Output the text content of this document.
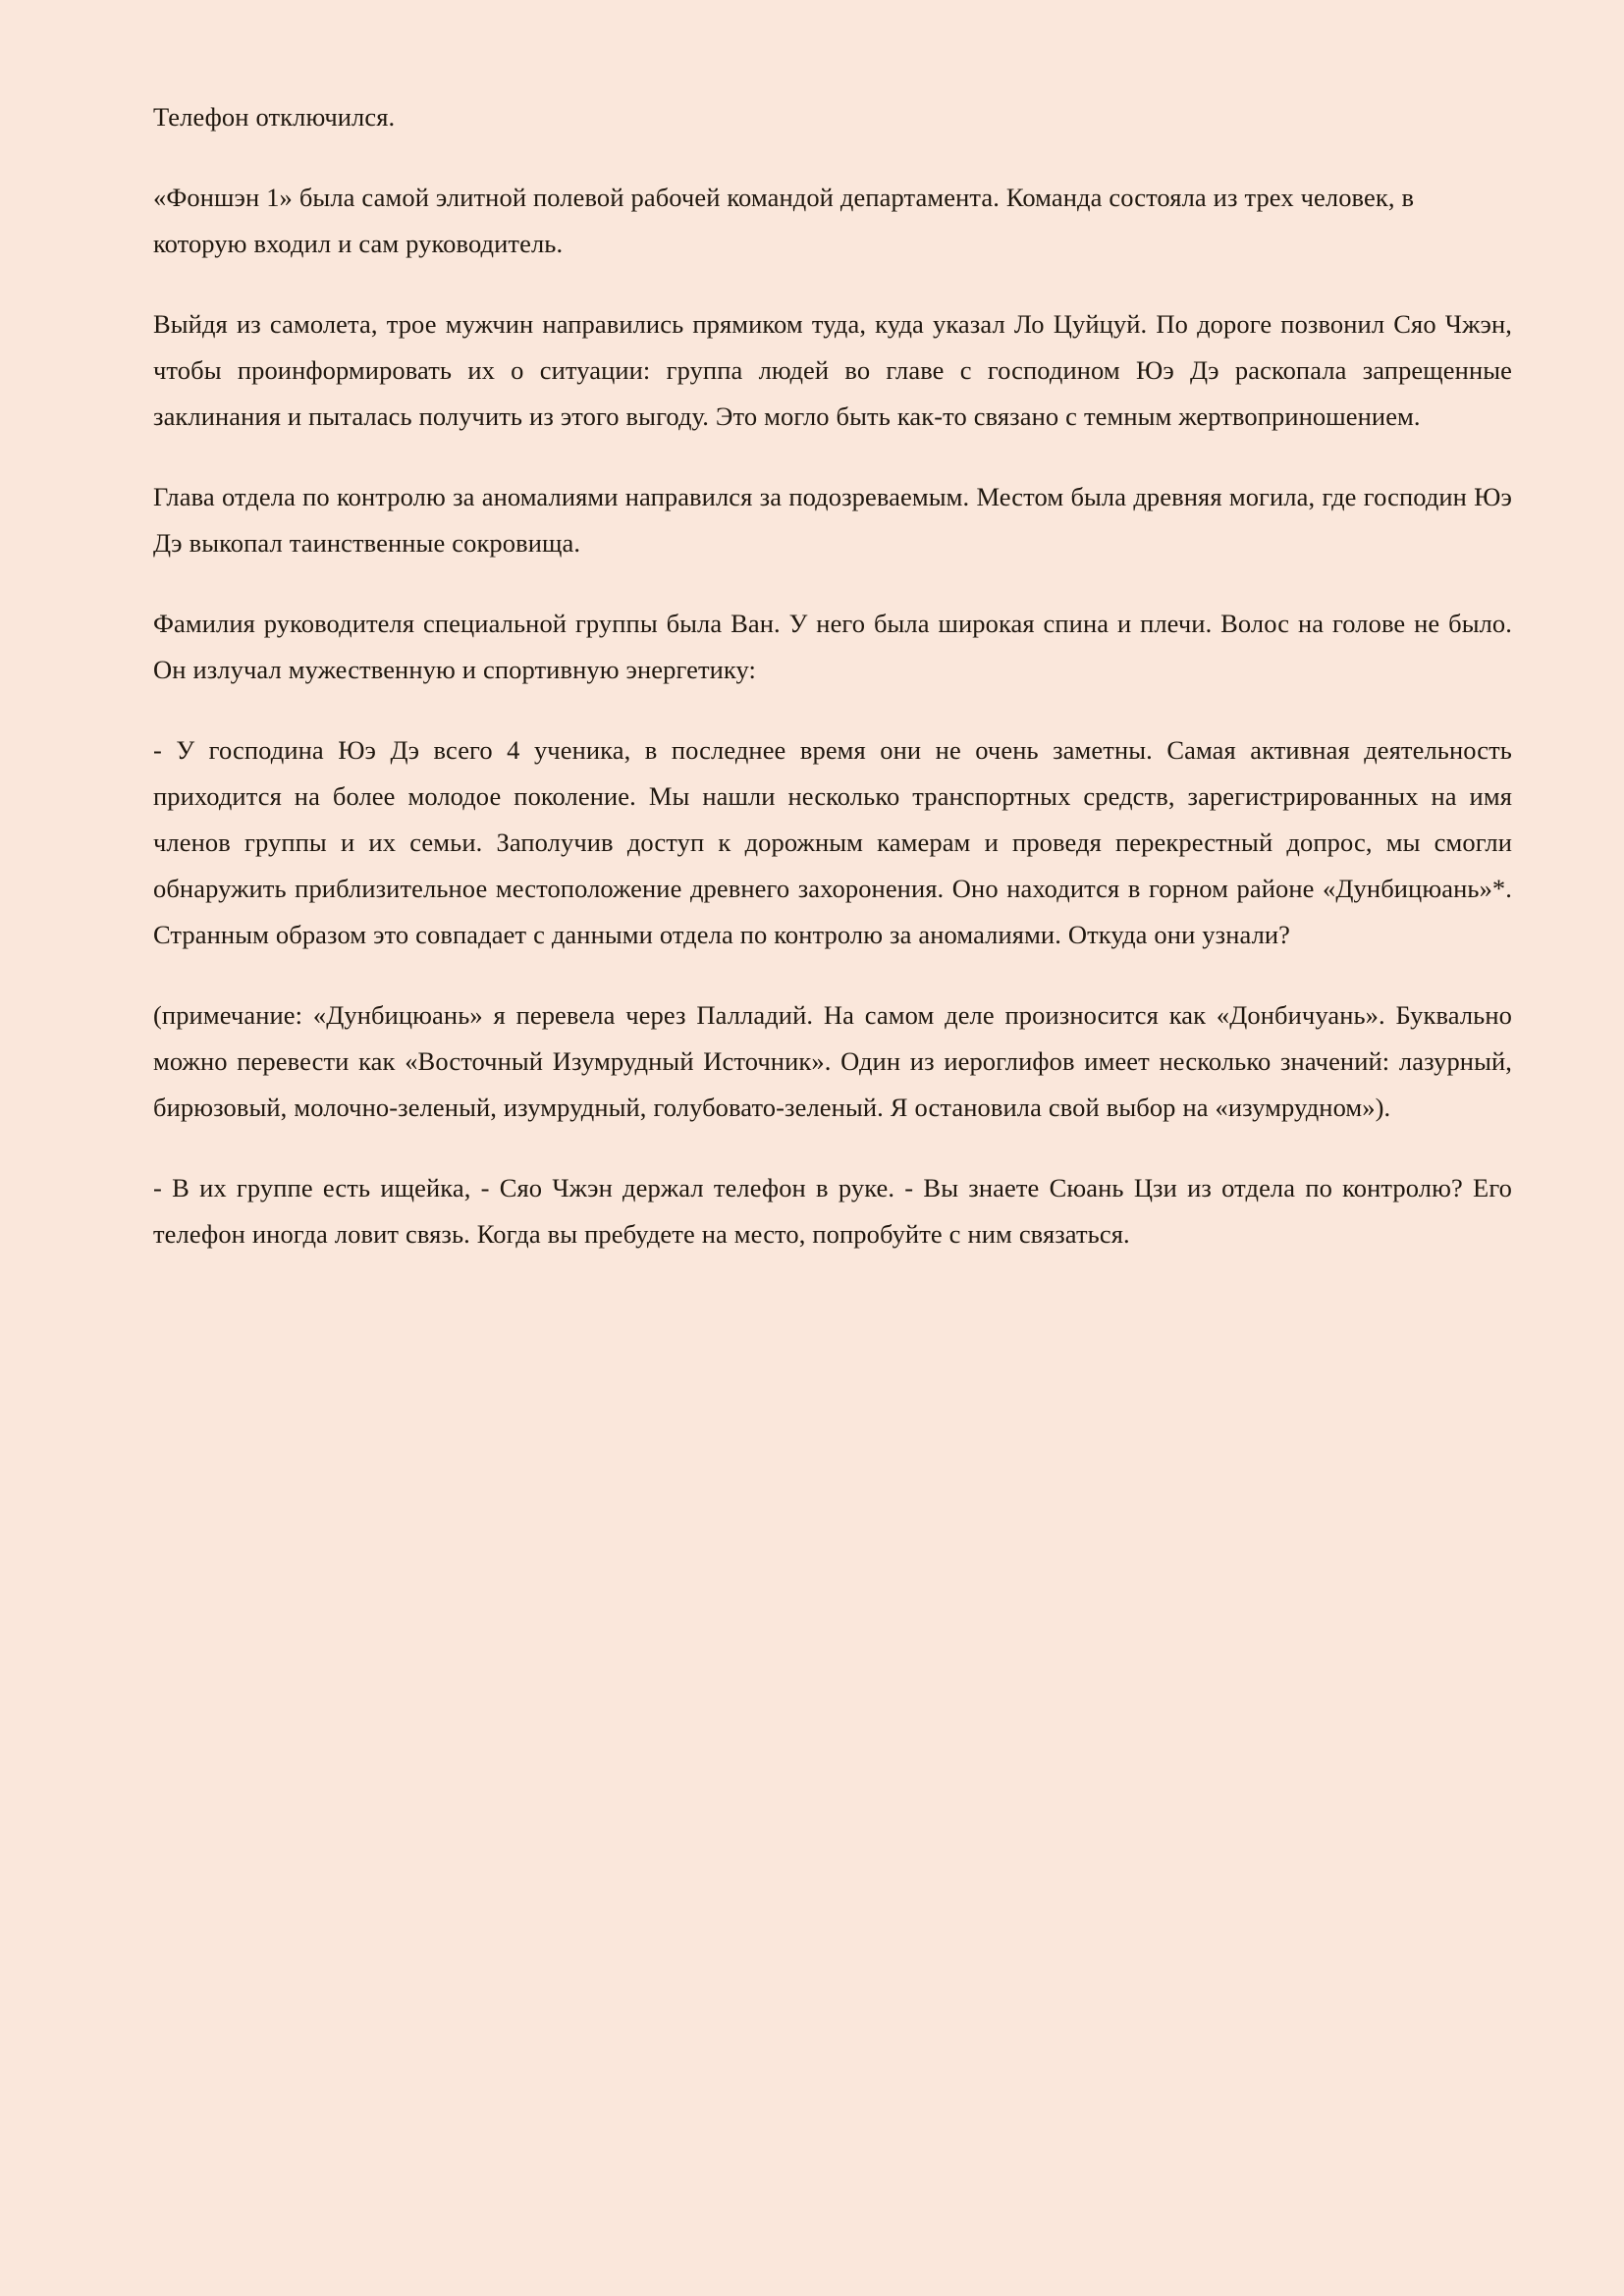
Телефон отключился.

«Фоншэн 1» была самой элитной полевой рабочей командой департамента. Команда состояла из трех человек, в которую входил и сам руководитель.

Выйдя из самолета, трое мужчин направились прямиком туда, куда указал Ло Цуйцуй. По дороге позвонил Сяо Чжэн, чтобы проинформировать их о ситуации: группа людей во главе с господином Юэ Дэ раскопала запрещенные заклинания и пыталась получить из этого выгоду. Это могло быть как-то связано с темным жертвоприношением.

Глава отдела по контролю за аномалиями направился за подозреваемым. Местом была древняя могила, где господин Юэ Дэ выкопал таинственные сокровища.

Фамилия руководителя специальной группы была Ван. У него была широкая спина и плечи. Волос на голове не было. Он излучал мужественную и спортивную энергетику:

- У господина Юэ Дэ всего 4 ученика, в последнее время они не очень заметны. Самая активная деятельность приходится на более молодое поколение. Мы нашли несколько транспортных средств, зарегистрированных на имя членов группы и их семьи. Заполучив доступ к дорожным камерам и проведя перекрестный допрос, мы смогли обнаружить приблизительное местоположение древнего захоронения. Оно находится в горном районе «Дунбицюань»*. Странным образом это совпадает с данными отдела по контролю за аномалиями. Откуда они узнали?

(примечание: «Дунбицюань» я перевела через Палладий. На самом деле произносится как «Донбичуань». Буквально можно перевести как «Восточный Изумрудный Источник». Один из иероглифов имеет несколько значений: лазурный, бирюзовый, молочно-зеленый, изумрудный, голубовато-зеленый. Я остановила свой выбор на «изумрудном»).

- В их группе есть ищейка, - Сяо Чжэн держал телефон в руке. - Вы знаете Сюань Цзи из отдела по контролю? Его телефон иногда ловит связь. Когда вы пребудете на место, попробуйте с ним связаться.
